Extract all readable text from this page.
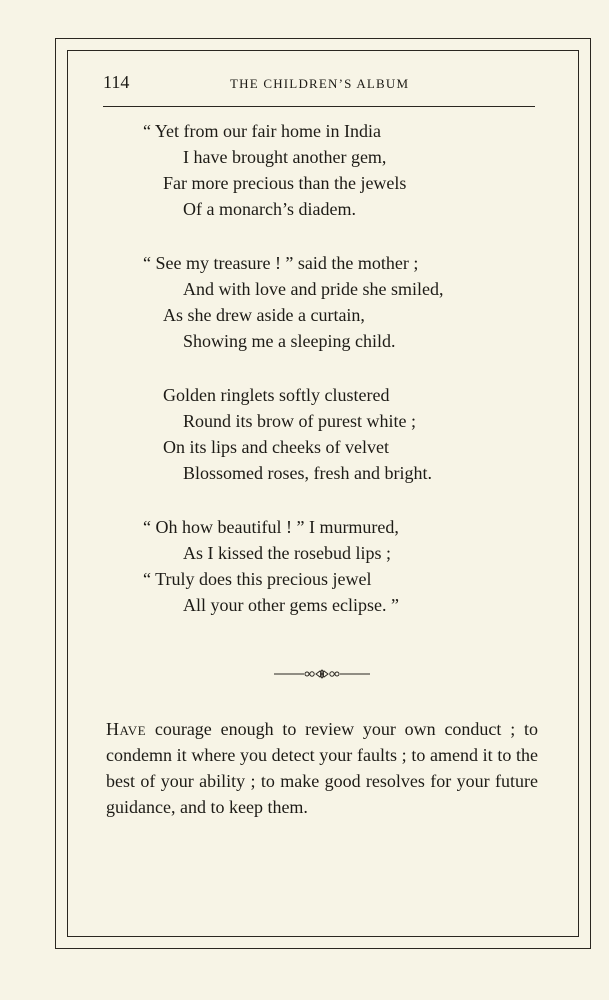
114	THE CHILDREN’S ALBUM
“ Yet from our fair home in India
I have brought another gem,
Far more precious than the jewels
Of a monarch’s diadem.
“ See my treasure ! ” said the mother ;
And with love and pride she smiled,
As she drew aside a curtain,
Showing me a sleeping child.
Golden ringlets softly clustered
Round its brow of purest white ;
On its lips and cheeks of velvet
Blossomed roses, fresh and bright.
“ Oh how beautiful ! ” I murmured,
As I kissed the rosebud lips ;
“ Truly does this precious jewel
All your other gems eclipse. ”
Have courage enough to review your own conduct ; to condemn it where you detect your faults ; to amend it to the best of your ability ; to make good resolves for your future guidance, and to keep them.
